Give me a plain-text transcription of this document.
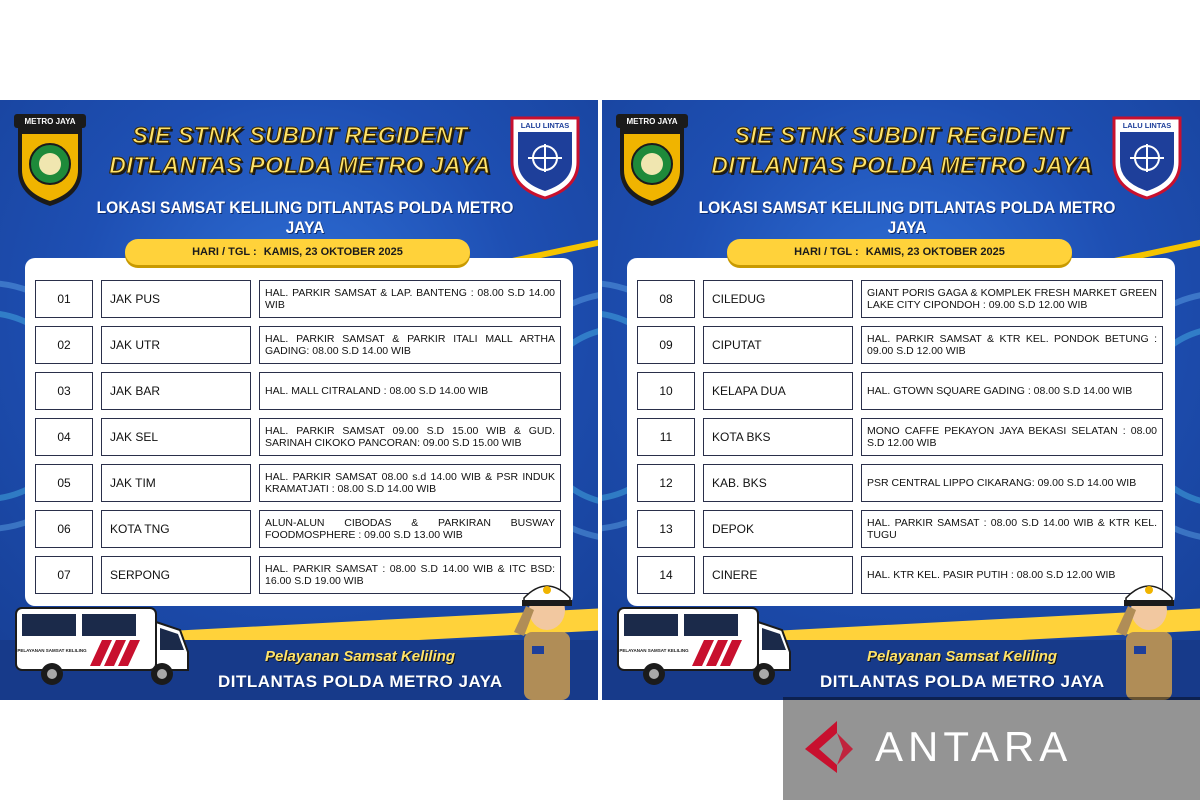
METRO JAYA	LALU LINTAS
SIE STNK SUBDIT REGIDENT
DITLANTAS POLDA METRO JAYA
LOKASI SAMSAT KELILING DITLANTAS POLDA METRO JAYA
01	JAK PUS	HAL. PARKIR SAMSAT & LAP. BANTENG : 08.00 S.D 14.00 WIB
02	JAK UTR	HAL. PARKIR SAMSAT & PARKIR ITALI MALL ARTHA GADING: 08.00 S.D 14.00 WIB
03	JAK BAR	HAL. MALL CITRALAND : 08.00 S.D 14.00 WIB
04	JAK SEL	HAL. PARKIR SAMSAT 09.00 S.D 15.00 WIB & GUD. SARINAH CIKOKO PANCORAN: 09.00 S.D 15.00 WIB
05	JAK TIM	HAL. PARKIR SAMSAT 08.00 s.d 14.00 WIB & PSR INDUK KRAMATJATI : 08.00 S.D 14.00 WIB
06	KOTA TNG	ALUN-ALUN CIBODAS & PARKIRAN BUSWAY FOODMOSPHERE : 09.00 S.D 13.00 WIB
07	SERPONG	HAL. PARKIR SAMSAT : 08.00 S.D 14.00 WIB & ITC BSD: 16.00 S.D 19.00 WIB
HARI / TGL : KAMIS, 23 OKTOBER 2025
Pelayanan Samsat Keliling
DITLANTAS POLDA METRO JAYA
PELAYANAN SAMSAT KELILING
METRO JAYA	LALU LINTAS
SIE STNK SUBDIT REGIDENT
DITLANTAS POLDA METRO JAYA
LOKASI SAMSAT KELILING DITLANTAS POLDA METRO JAYA
08	CILEDUG	GIANT PORIS GAGA & KOMPLEK FRESH MARKET GREEN LAKE CITY CIPONDOH : 09.00 S.D 12.00 WIB
09	CIPUTAT	HAL. PARKIR SAMSAT & KTR KEL. PONDOK BETUNG : 09.00 S.D 12.00 WIB
10	KELAPA DUA	HAL. GTOWN SQUARE GADING : 08.00 S.D 14.00 WIB
11	KOTA BKS	MONO CAFFE PEKAYON JAYA BEKASI SELATAN : 08.00 S.D 12.00 WIB
12	KAB. BKS	PSR CENTRAL LIPPO CIKARANG: 09.00 S.D 14.00 WIB
13	DEPOK	HAL. PARKIR SAMSAT : 08.00 S.D 14.00 WIB & KTR KEL. TUGU
14	CINERE	HAL. KTR KEL. PASIR PUTIH : 08.00 S.D 12.00 WIB
HARI / TGL : KAMIS, 23 OKTOBER 2025
Pelayanan Samsat Keliling
DITLANTAS POLDA METRO JAYA
PELAYANAN SAMSAT KELILING
ANTARA
